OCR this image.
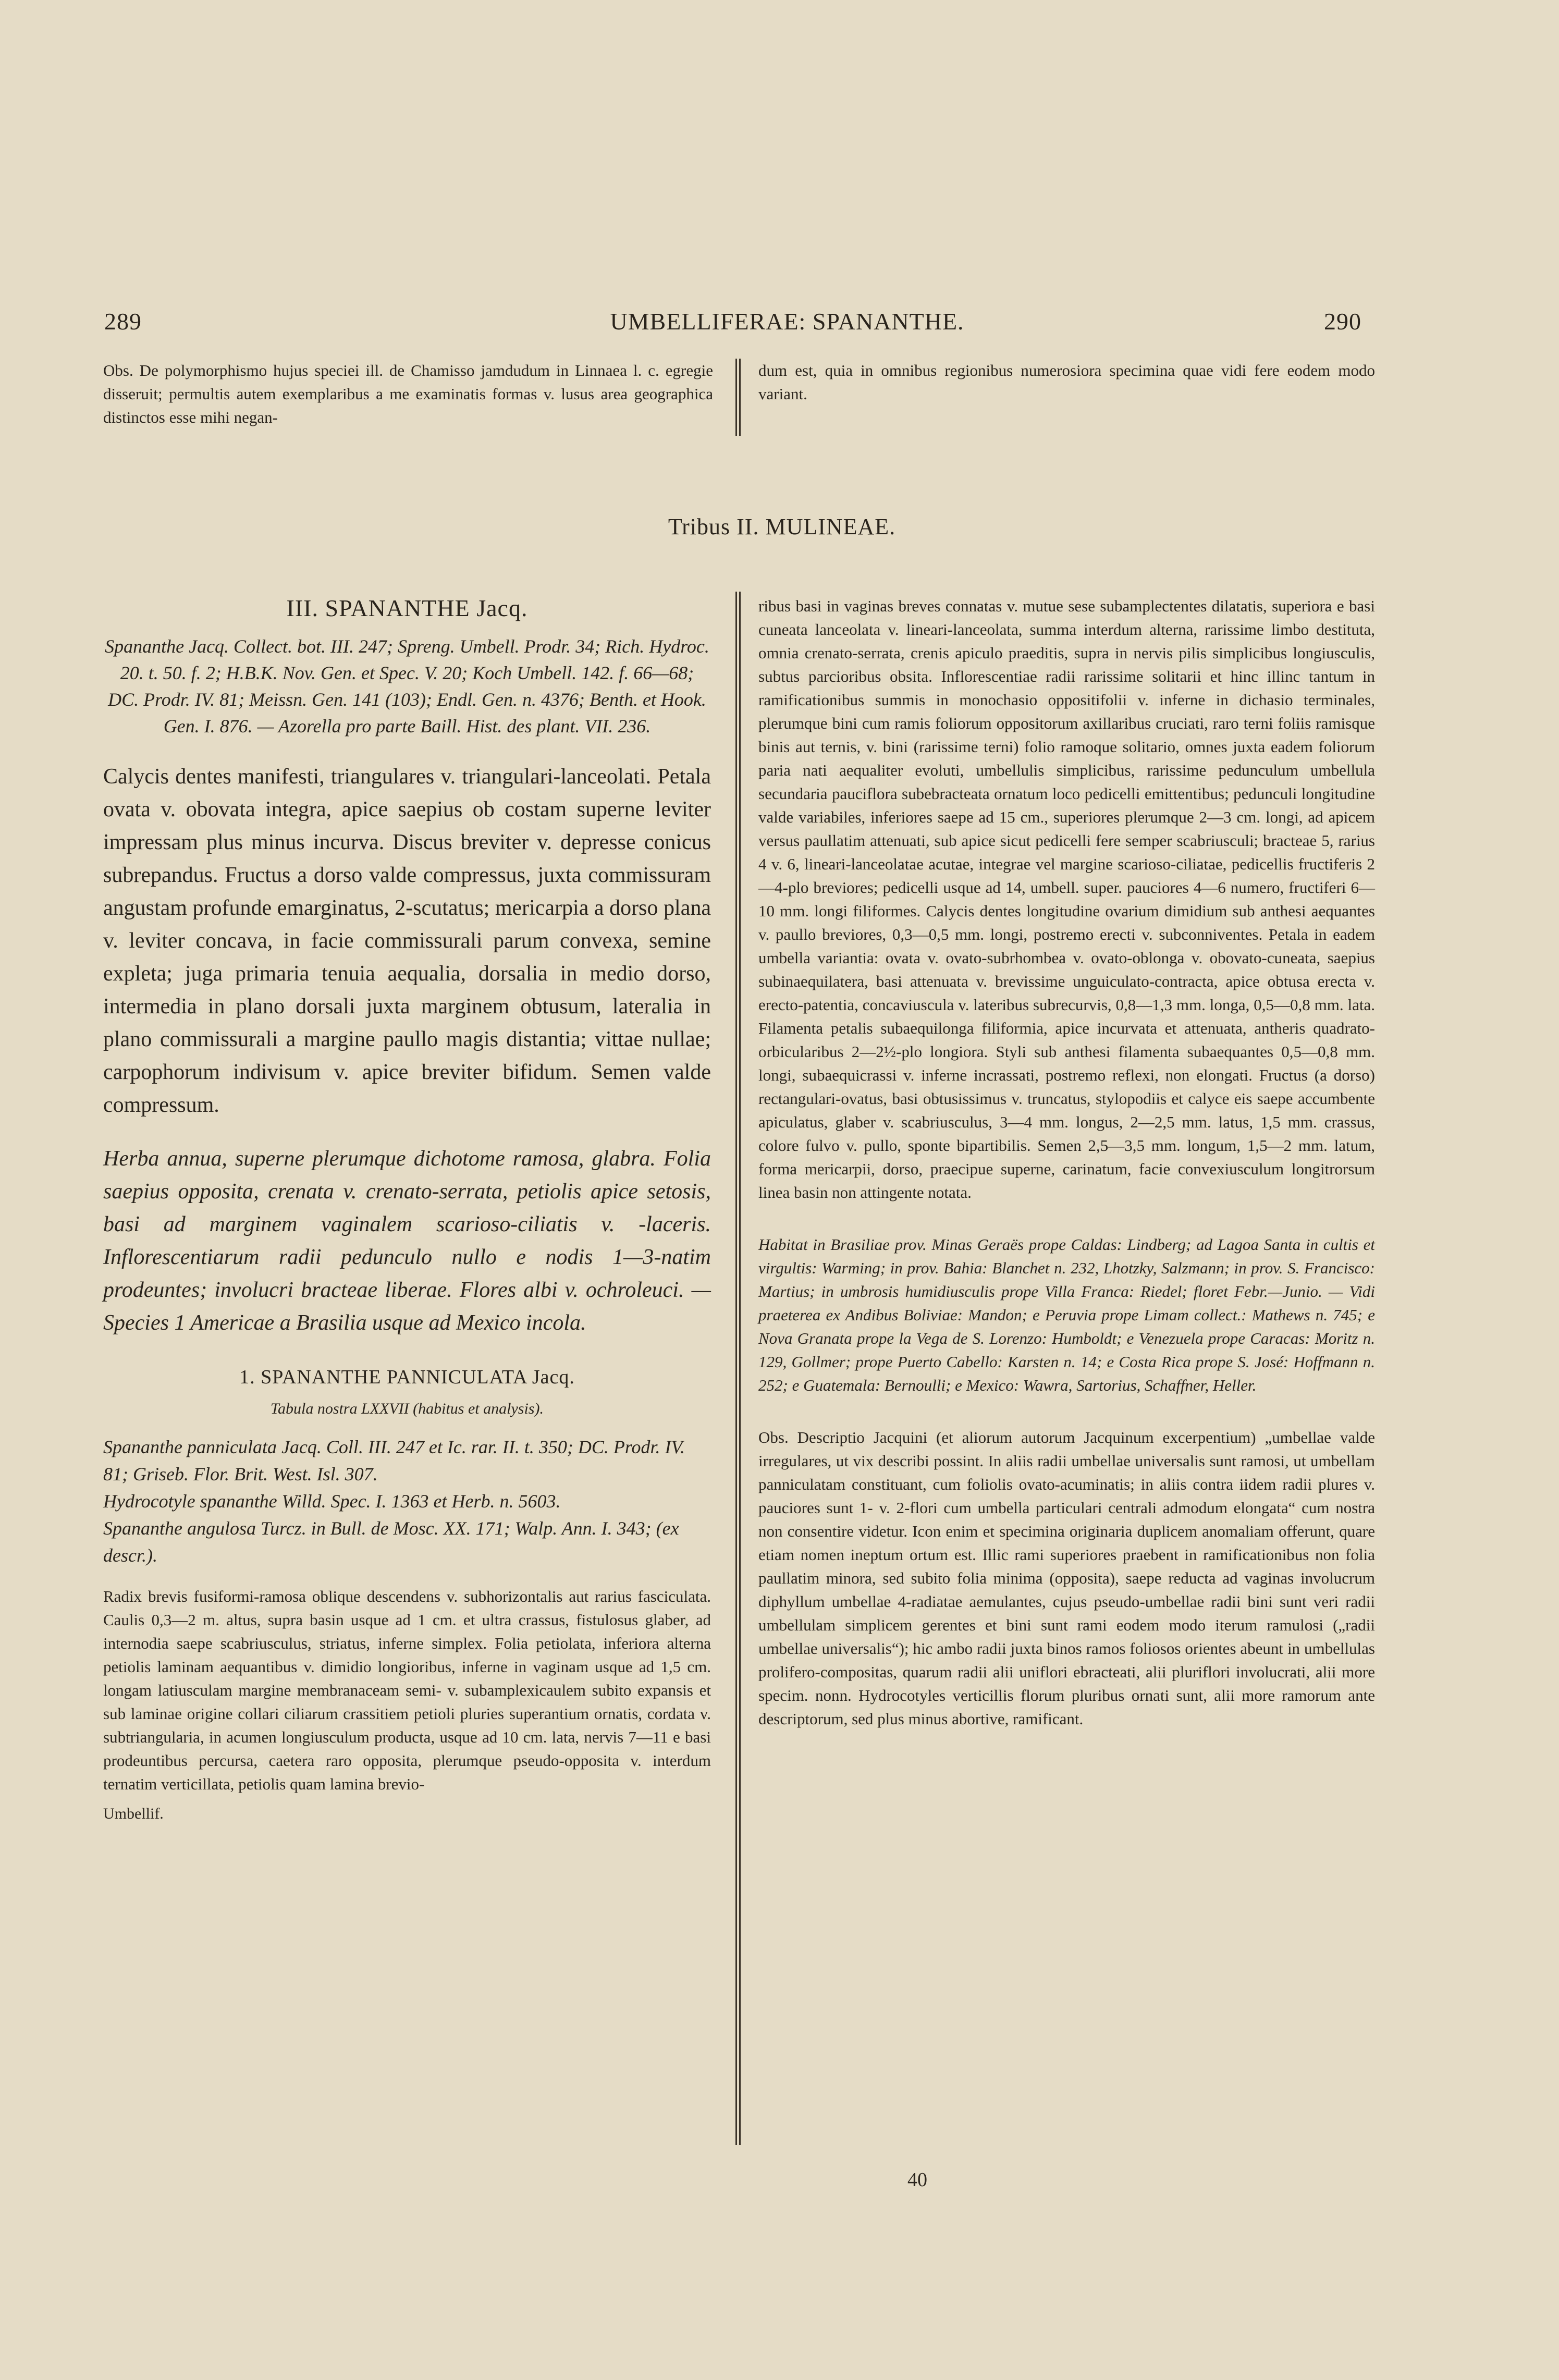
289	UMBELLIFERAE: SPANANTHE.	290

Obs. De polymorphismo hujus speciei ill. de Chamisso jamdudum in Linnaea l. c. egregie disseruit; permultis autem exemplaribus a me examinatis formas v. lusus area geographica distinctos esse mihi negan-

dum est, quia in omnibus regionibus numerosiora specimina quae vidi fere eodem modo variant.

Tribus II. MULINEAE.
III. SPANANTHE Jacq.

Spananthe Jacq. Collect. bot. III. 247; Spreng. Umbell. Prodr. 34; Rich. Hydroc. 20. t. 50. f. 2; H.B.K. Nov. Gen. et Spec. V. 20; Koch Umbell. 142. f. 66—68; DC. Prodr. IV. 81; Meissn. Gen. 141 (103); Endl. Gen. n. 4376; Benth. et Hook. Gen. I. 876. — Azorella pro parte Baill. Hist. des plant. VII. 236.

Calycis dentes manifesti, triangulares v. triangulari-lanceolati. Petala ovata v. obovata integra, apice saepius ob costam superne leviter impressam plus minus incurva. Discus breviter v. depresse conicus subrepandus. Fructus a dorso valde compressus, juxta commissuram angustam profunde emarginatus, 2-scutatus; mericarpia a dorso plana v. leviter concava, in facie commissurali parum convexa, semine expleta; juga primaria tenuia aequalia, dorsalia in medio dorso, intermedia in plano dorsali juxta marginem obtusum, lateralia in plano commissurali a margine paullo magis distantia; vittae nullae; carpophorum indivisum v. apice breviter bifidum. Semen valde compressum.

Herba annua, superne plerumque dichotome ramosa, glabra. Folia saepius opposita, crenata v. crenato-serrata, petiolis apice setosis, basi ad marginem vaginalem scarioso-ciliatis v. -laceris. Inflorescentiarum radii pedunculo nullo e nodis 1—3-natim prodeuntes; involucri bracteae liberae. Flores albi v. ochroleuci. — Species 1 Americae a Brasilia usque ad Mexico incola.

1. SPANANTHE PANNICULATA Jacq.
Tabula nostra LXXVII (habitus et analysis).
Spananthe panniculata Jacq. Coll. III. 247 et Ic. rar. II. t. 350; DC. Prodr. IV. 81; Griseb. Flor. Brit. West. Isl. 307.
Hydrocotyle spananthe Willd. Spec. I. 1363 et Herb. n. 5603.
Spananthe angulosa Turcz. in Bull. de Mosc. XX. 171; Walp. Ann. I. 343; (ex descr.).

Radix brevis fusiformi-ramosa oblique descendens v. subhorizontalis aut rarius fasciculata. Caulis 0,3—2 m. altus, supra basin usque ad 1 cm. et ultra crassus, fistulosus glaber, ad internodia saepe scabriusculus, striatus, inferne simplex. Folia petiolata, inferiora alterna petiolis laminam aequantibus v. dimidio longioribus, inferne in vaginam usque ad 1,5 cm. longam latiusculam margine membranaceam semi- v. subamplexicaulem subito expansis et sub laminae origine collari ciliarum crassitiem petioli pluries superantium ornatis, cordata v. subtriangularia, in acumen longiusculum producta, usque ad 10 cm. lata, nervis 7—11 e basi prodeuntibus percursa, caetera raro opposita, plerumque pseudo-opposita v. interdum ternatim verticillata, petiolis quam lamina brevio-

Umbellif.

ribus basi in vaginas breves connatas v. mutue sese subamplectentes dilatatis, superiora e basi cuneata lanceolata v. lineari-lanceolata, summa interdum alterna, rarissime limbo destituta, omnia crenato-serrata, crenis apiculo praeditis, supra in nervis pilis simplicibus longiusculis, subtus parcioribus obsita. Inflorescentiae radii rarissime solitarii et hinc illinc tantum in ramificationibus summis in monochasio oppositifolii v. inferne in dichasio terminales, plerumque bini cum ramis foliorum oppositorum axillaribus cruciati, raro terni foliis ramisque binis aut ternis, v. bini (rarissime terni) folio ramoque solitario, omnes juxta eadem foliorum paria nati aequaliter evoluti, umbellulis simplicibus, rarissime pedunculum umbellula secundaria pauciflora subebracteata ornatum loco pedicelli emittentibus; pedunculi longitudine valde variabiles, inferiores saepe ad 15 cm., superiores plerumque 2—3 cm. longi, ad apicem versus paullatim attenuati, sub apice sicut pedicelli fere semper scabriusculi; bracteae 5, rarius 4 v. 6, lineari-lanceolatae acutae, integrae vel margine scarioso-ciliatae, pedicellis fructiferis 2—4-plo breviores; pedicelli usque ad 14, umbell. super. pauciores 4—6 numero, fructiferi 6—10 mm. longi filiformes. Calycis dentes longitudine ovarium dimidium sub anthesi aequantes v. paullo breviores, 0,3—0,5 mm. longi, postremo erecti v. subconniventes. Petala in eadem umbella variantia: ovata v. ovato-subrhombea v. ovato-oblonga v. obovato-cuneata, saepius subinaequilatera, basi attenuata v. brevissime unguiculato-contracta, apice obtusa erecta v. erecto-patentia, concaviuscula v. lateribus subrecurvis, 0,8—1,3 mm. longa, 0,5—0,8 mm. lata. Filamenta petalis subaequilonga filiformia, apice incurvata et attenuata, antheris quadrato-orbicularibus 2—2½-plo longiora. Styli sub anthesi filamenta subaequantes 0,5—0,8 mm. longi, subaequicrassi v. inferne incrassati, postremo reflexi, non elongati. Fructus (a dorso) rectangulari-ovatus, basi obtusissimus v. truncatus, stylopodiis et calyce eis saepe accumbente apiculatus, glaber v. scabriusculus, 3—4 mm. longus, 2—2,5 mm. latus, 1,5 mm. crassus, colore fulvo v. pullo, sponte bipartibilis. Semen 2,5—3,5 mm. longum, 1,5—2 mm. latum, forma mericarpii, dorso, praecipue superne, carinatum, facie convexiusculum longitrorsum linea basin non attingente notata.

Habitat in Brasiliae prov. Minas Geraës prope Caldas: Lindberg; ad Lagoa Santa in cultis et virgultis: Warming; in prov. Bahia: Blanchet n. 232, Lhotzky, Salzmann; in prov. S. Francisco: Martius; in umbrosis humidiusculis prope Villa Franca: Riedel; floret Febr.—Junio. — Vidi praeterea ex Andibus Boliviae: Mandon; e Peruvia prope Limam collect.: Mathews n. 745; e Nova Granata prope la Vega de S. Lorenzo: Humboldt; e Venezuela prope Caracas: Moritz n. 129, Gollmer; prope Puerto Cabello: Karsten n. 14; e Costa Rica prope S. José: Hoffmann n. 252; e Guatemala: Bernoulli; e Mexico: Wawra, Sartorius, Schaffner, Heller.

Obs. Descriptio Jacquini (et aliorum autorum Jacquinum excerpentium) „umbellae valde irregulares, ut vix describi possint. In aliis radii umbellae universalis sunt ramosi, ut umbellam panniculatam constituant, cum foliolis ovato-acuminatis; in aliis contra iidem radii plures v. pauciores sunt 1- v. 2-flori cum umbella particulari centrali admodum elongata“ cum nostra non consentire videtur. Icon enim et specimina originaria duplicem anomaliam offerunt, quare etiam nomen ineptum ortum est. Illic rami superiores praebent in ramificationibus non folia paullatim minora, sed subito folia minima (opposita), saepe reducta ad vaginas involucrum diphyllum umbellae 4-radiatae aemulantes, cujus pseudo-umbellae radii bini sunt veri radii umbellulam simplicem gerentes et bini sunt rami eodem modo iterum ramulosi („radii umbellae universalis“); hic ambo radii juxta binos ramos foliosos orientes abeunt in umbellulas prolifero-compositas, quarum radii alii uniflori ebracteati, alii pluriflori involucrati, alii more specim. nonn. Hydrocotyles verticillis florum pluribus ornati sunt, alii more ramorum ante descriptorum, sed plus minus abortive, ramificant.

40
